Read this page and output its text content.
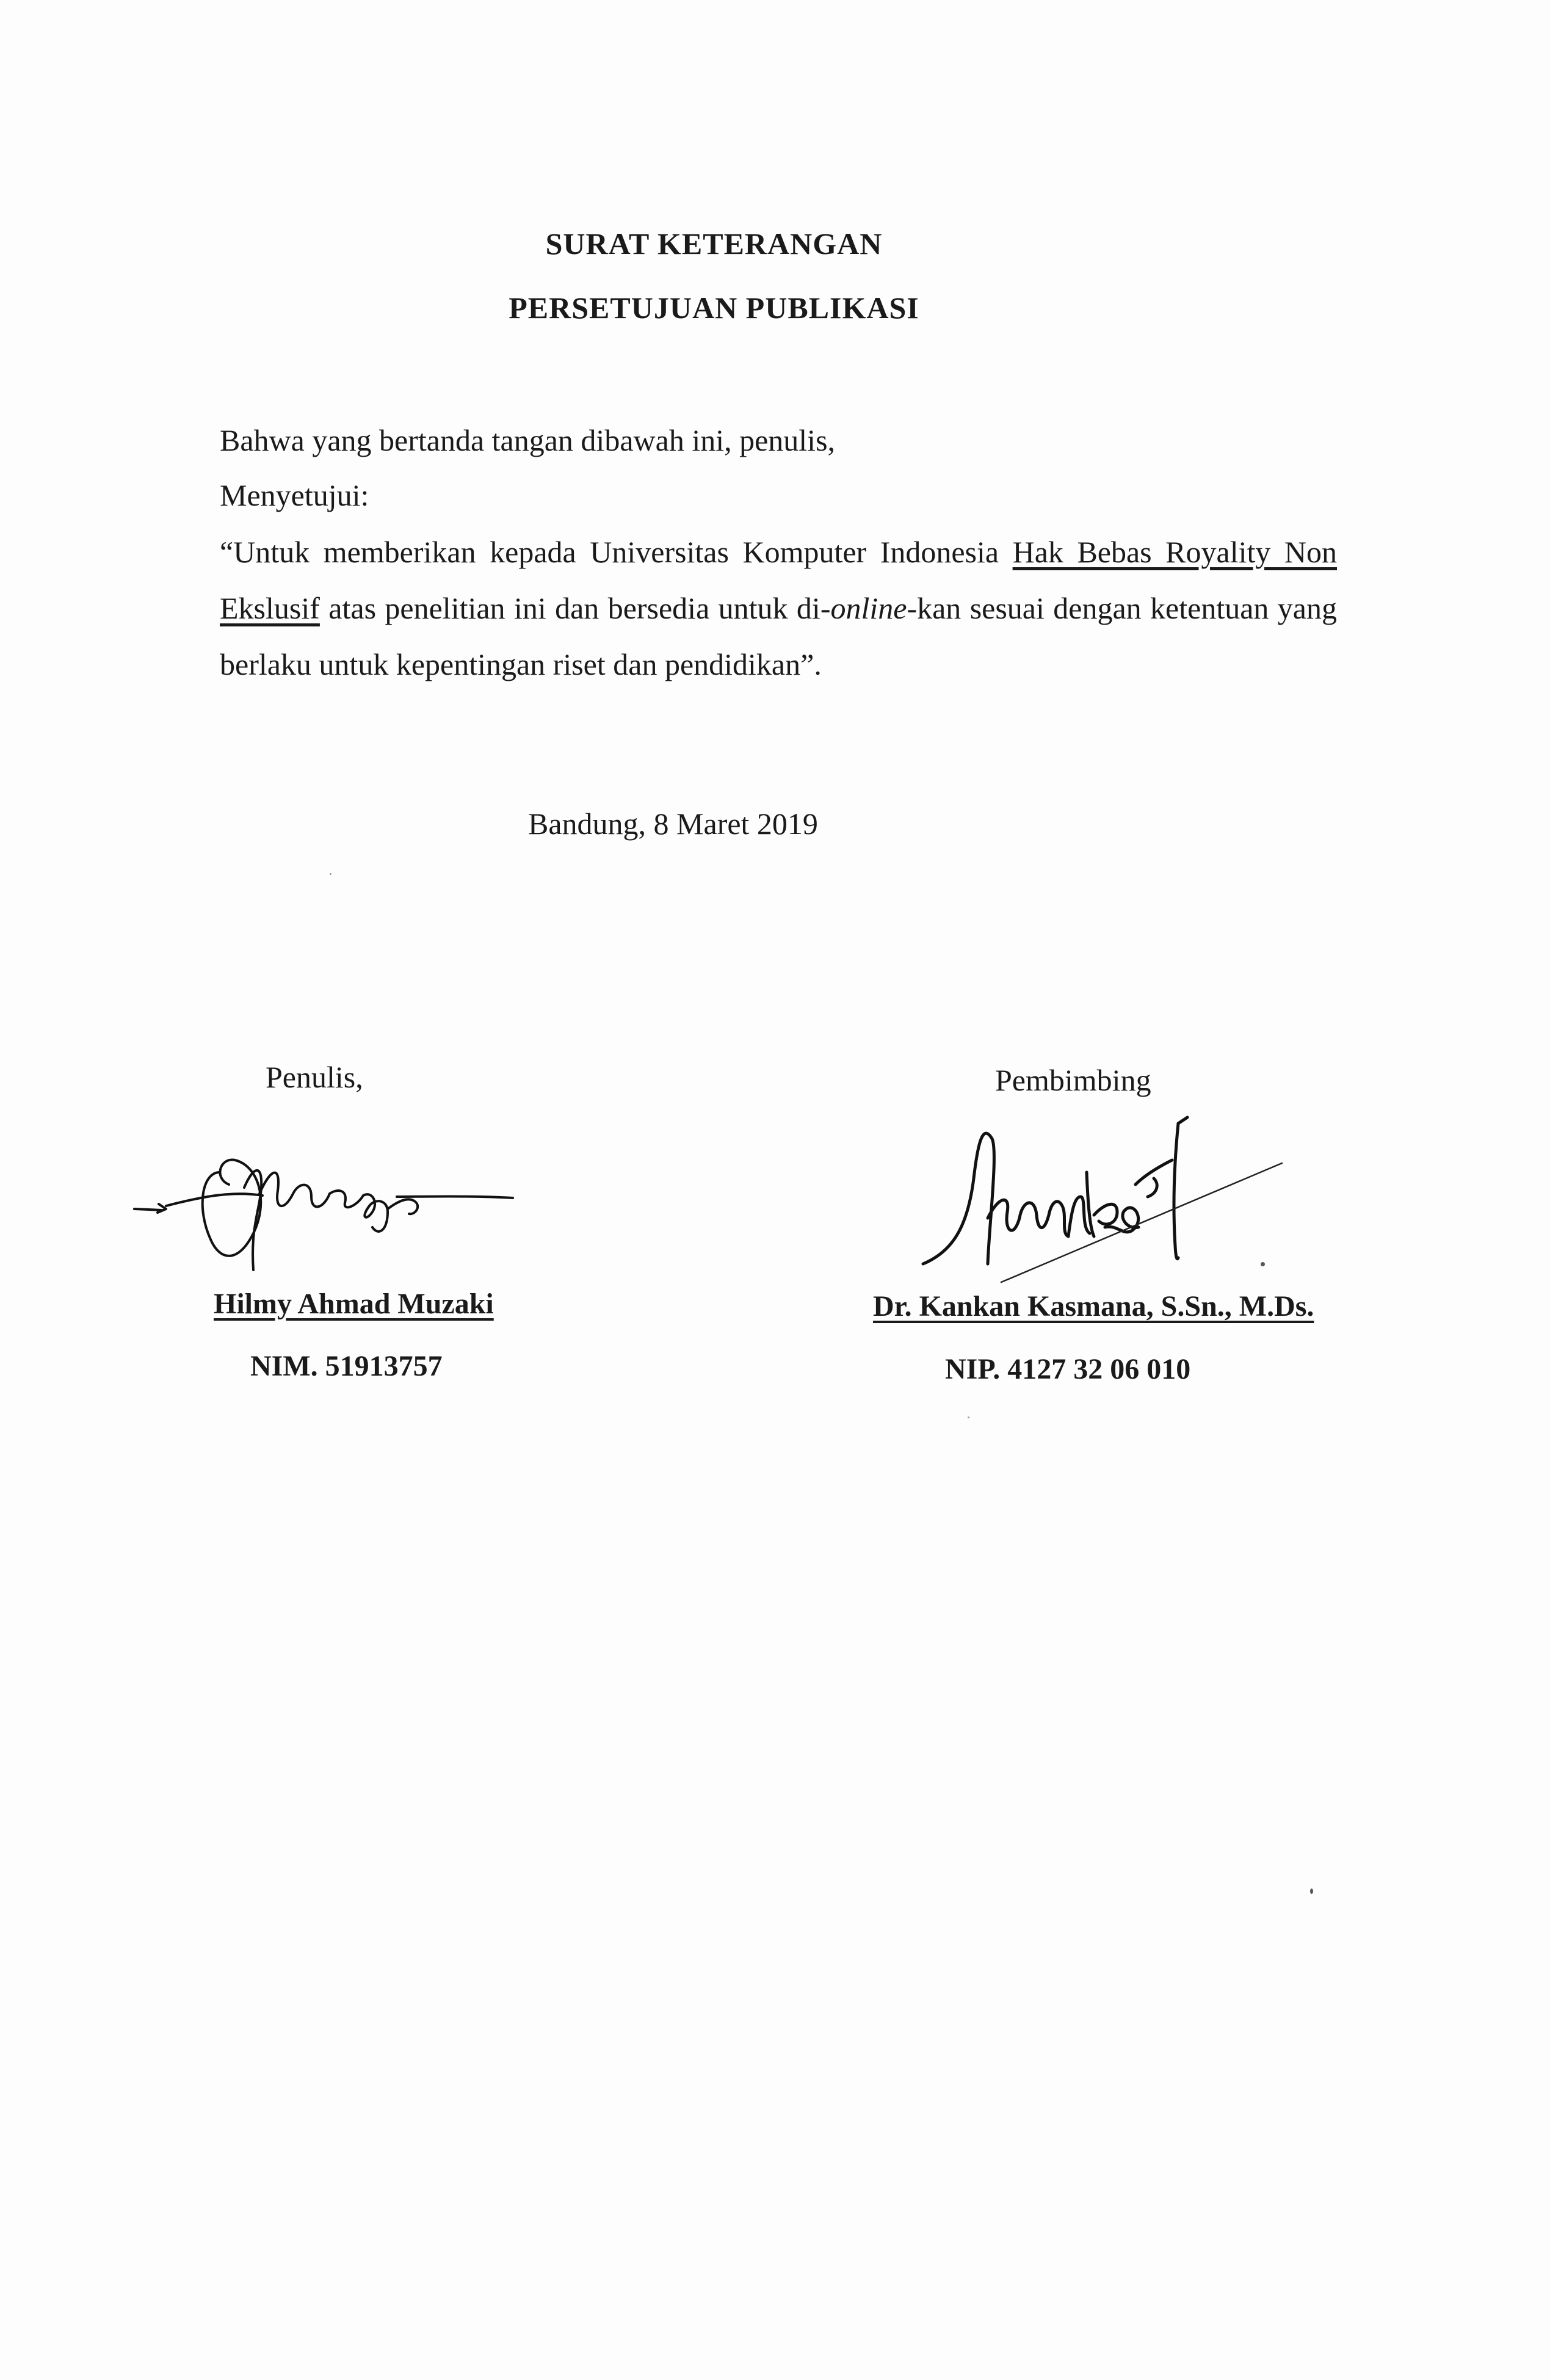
SURAT KETERANGAN
PERSETUJUAN PUBLIKASI
Bahwa yang bertanda tangan dibawah ini, penulis,
Menyetujui:
“Untuk memberikan kepada Universitas Komputer Indonesia Hak Bebas Royality Non Ekslusif atas penelitian ini dan bersedia untuk di-online-kan sesuai dengan ketentuan yang berlaku untuk kepentingan riset dan pendidikan”.
Bandung, 8 Maret 2019
Penulis,
Hilmy Ahmad Muzaki
NIM. 51913757
Pembimbing
Dr. Kankan Kasmana, S.Sn., M.Ds.
NIP. 4127 32 06 010
